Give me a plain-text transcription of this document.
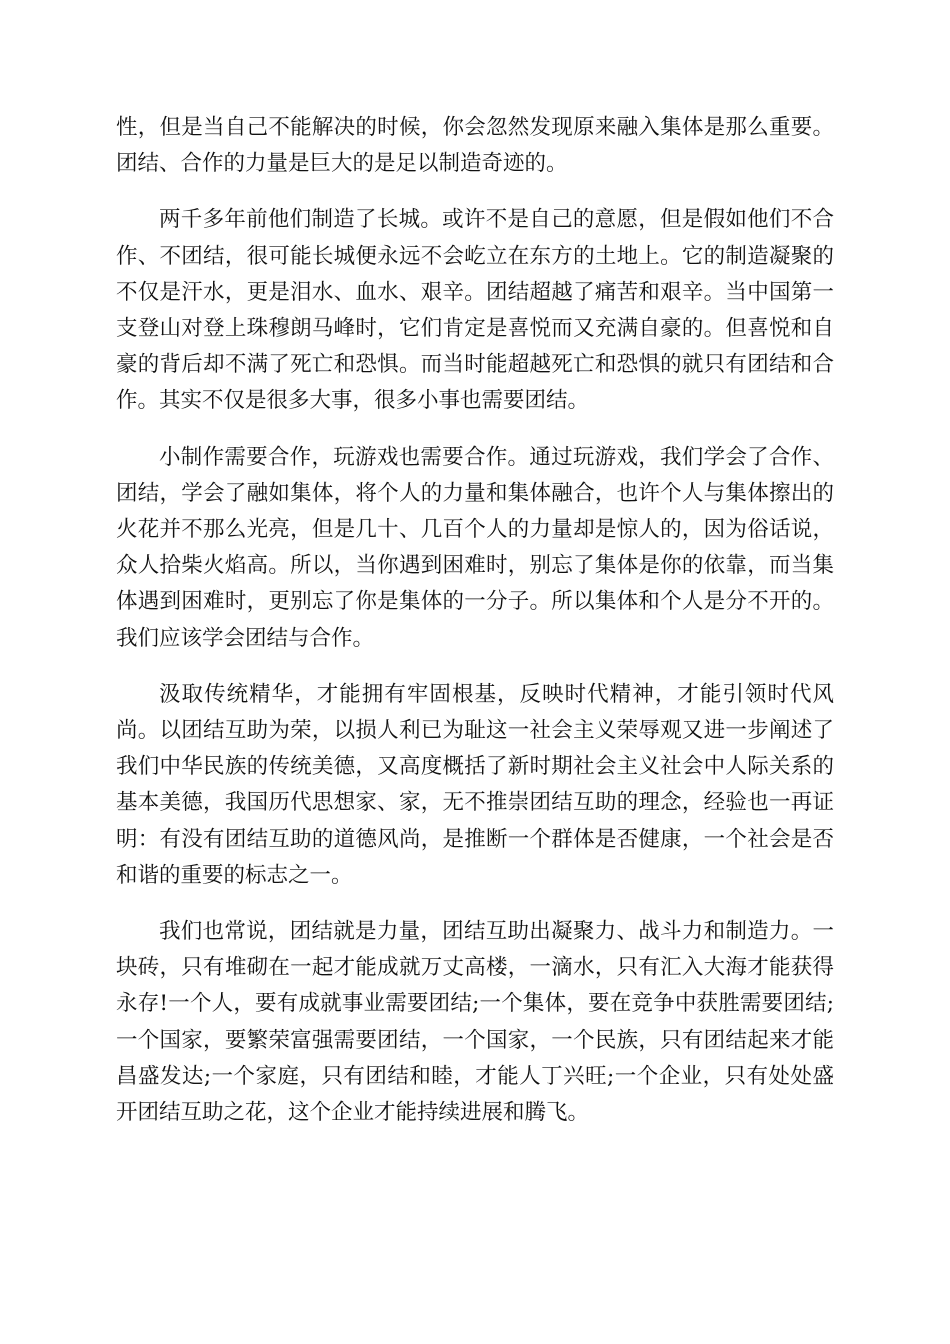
性，但是当自己不能解决的时候，你会忽然发现原来融入集体是那么重要。团结、合作的力量是巨大的是足以制造奇迹的。

两千多年前他们制造了长城。或许不是自己的意愿，但是假如他们不合作、不团结，很可能长城便永远不会屹立在东方的土地上。它的制造凝聚的不仅是汗水，更是泪水、血水、艰辛。团结超越了痛苦和艰辛。当中国第一支登山对登上珠穆朗马峰时，它们肯定是喜悦而又充满自豪的。但喜悦和自豪的背后却不满了死亡和恐惧。而当时能超越死亡和恐惧的就只有团结和合作。其实不仅是很多大事，很多小事也需要团结。

小制作需要合作，玩游戏也需要合作。通过玩游戏，我们学会了合作、团结，学会了融如集体，将个人的力量和集体融合，也许个人与集体擦出的火花并不那么光亮，但是几十、几百个人的力量却是惊人的，因为俗话说，众人拾柴火焰高。所以，当你遇到困难时，别忘了集体是你的依靠，而当集体遇到困难时，更别忘了你是集体的一分子。所以集体和个人是分不开的。我们应该学会团结与合作。

汲取传统精华，才能拥有牢固根基，反映时代精神，才能引领时代风尚。以团结互助为荣，以损人利已为耻这一社会主义荣辱观又进一步阐述了我们中华民族的传统美德，又高度概括了新时期社会主义社会中人际关系的基本美德，我国历代思想家、家，无不推崇团结互助的理念，经验也一再证明：有没有团结互助的道德风尚，是推断一个群体是否健康，一个社会是否和谐的重要的标志之一。

我们也常说，团结就是力量，团结互助出凝聚力、战斗力和制造力。一块砖，只有堆砌在一起才能成就万丈高楼，一滴水，只有汇入大海才能获得永存!一个人，要有成就事业需要团结;一个集体，要在竞争中获胜需要团结;一个国家，要繁荣富强需要团结，一个国家，一个民族，只有团结起来才能昌盛发达;一个家庭，只有团结和睦，才能人丁兴旺;一个企业，只有处处盛开团结互助之花，这个企业才能持续进展和腾飞。
